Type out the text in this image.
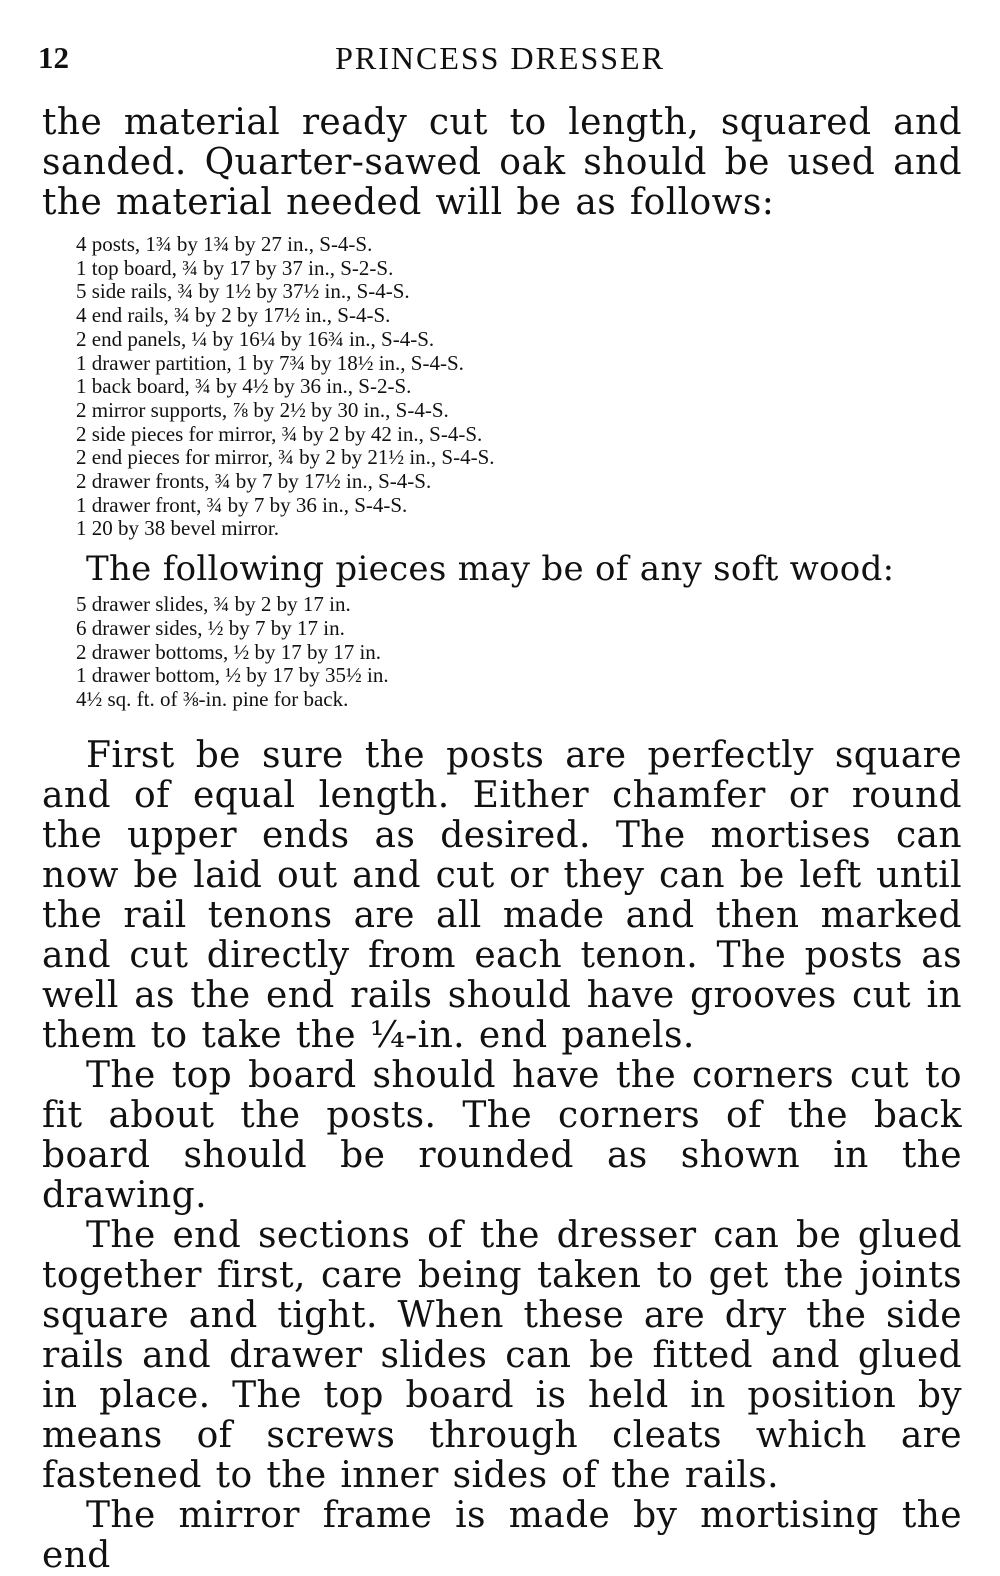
12	PRINCESS DRESSER

the material ready cut to length, squared and sanded. Quarter-sawed oak should be used and the material needed will be as follows:

4 posts, 1¾ by 1¾ by 27 in., S-4-S.
1 top board, ¾ by 17 by 37 in., S-2-S.
5 side rails, ¾ by 1½ by 37½ in., S-4-S.
4 end rails, ¾ by 2 by 17½ in., S-4-S.
2 end panels, ¼ by 16¼ by 16¾ in., S-4-S.
1 drawer partition, 1 by 7¾ by 18½ in., S-4-S.
1 back board, ¾ by 4½ by 36 in., S-2-S.
2 mirror supports, ⅞ by 2½ by 30 in., S-4-S.
2 side pieces for mirror, ¾ by 2 by 42 in., S-4-S.
2 end pieces for mirror, ¾ by 2 by 21½ in., S-4-S.
2 drawer fronts, ¾ by 7 by 17½ in., S-4-S.
1 drawer front, ¾ by 7 by 36 in., S-4-S.
1 20 by 38 bevel mirror.

The following pieces may be of any soft wood:

5 drawer slides, ¾ by 2 by 17 in.
6 drawer sides, ½ by 7 by 17 in.
2 drawer bottoms, ½ by 17 by 17 in.
1 drawer bottom, ½ by 17 by 35½ in.
4½ sq. ft. of ⅜-in. pine for back.

First be sure the posts are perfectly square and of equal length. Either chamfer or round the upper ends as desired. The mortises can now be laid out and cut or they can be left until the rail tenons are all made and then marked and cut directly from each tenon. The posts as well as the end rails should have grooves cut in them to take the ¼-in. end panels.

The top board should have the corners cut to fit about the posts. The corners of the back board should be rounded as shown in the drawing.

The end sections of the dresser can be glued together first, care being taken to get the joints square and tight. When these are dry the side rails and drawer slides can be fitted and glued in place. The top board is held in position by means of screws through cleats which are fastened to the inner sides of the rails.

The mirror frame is made by mortising the end
